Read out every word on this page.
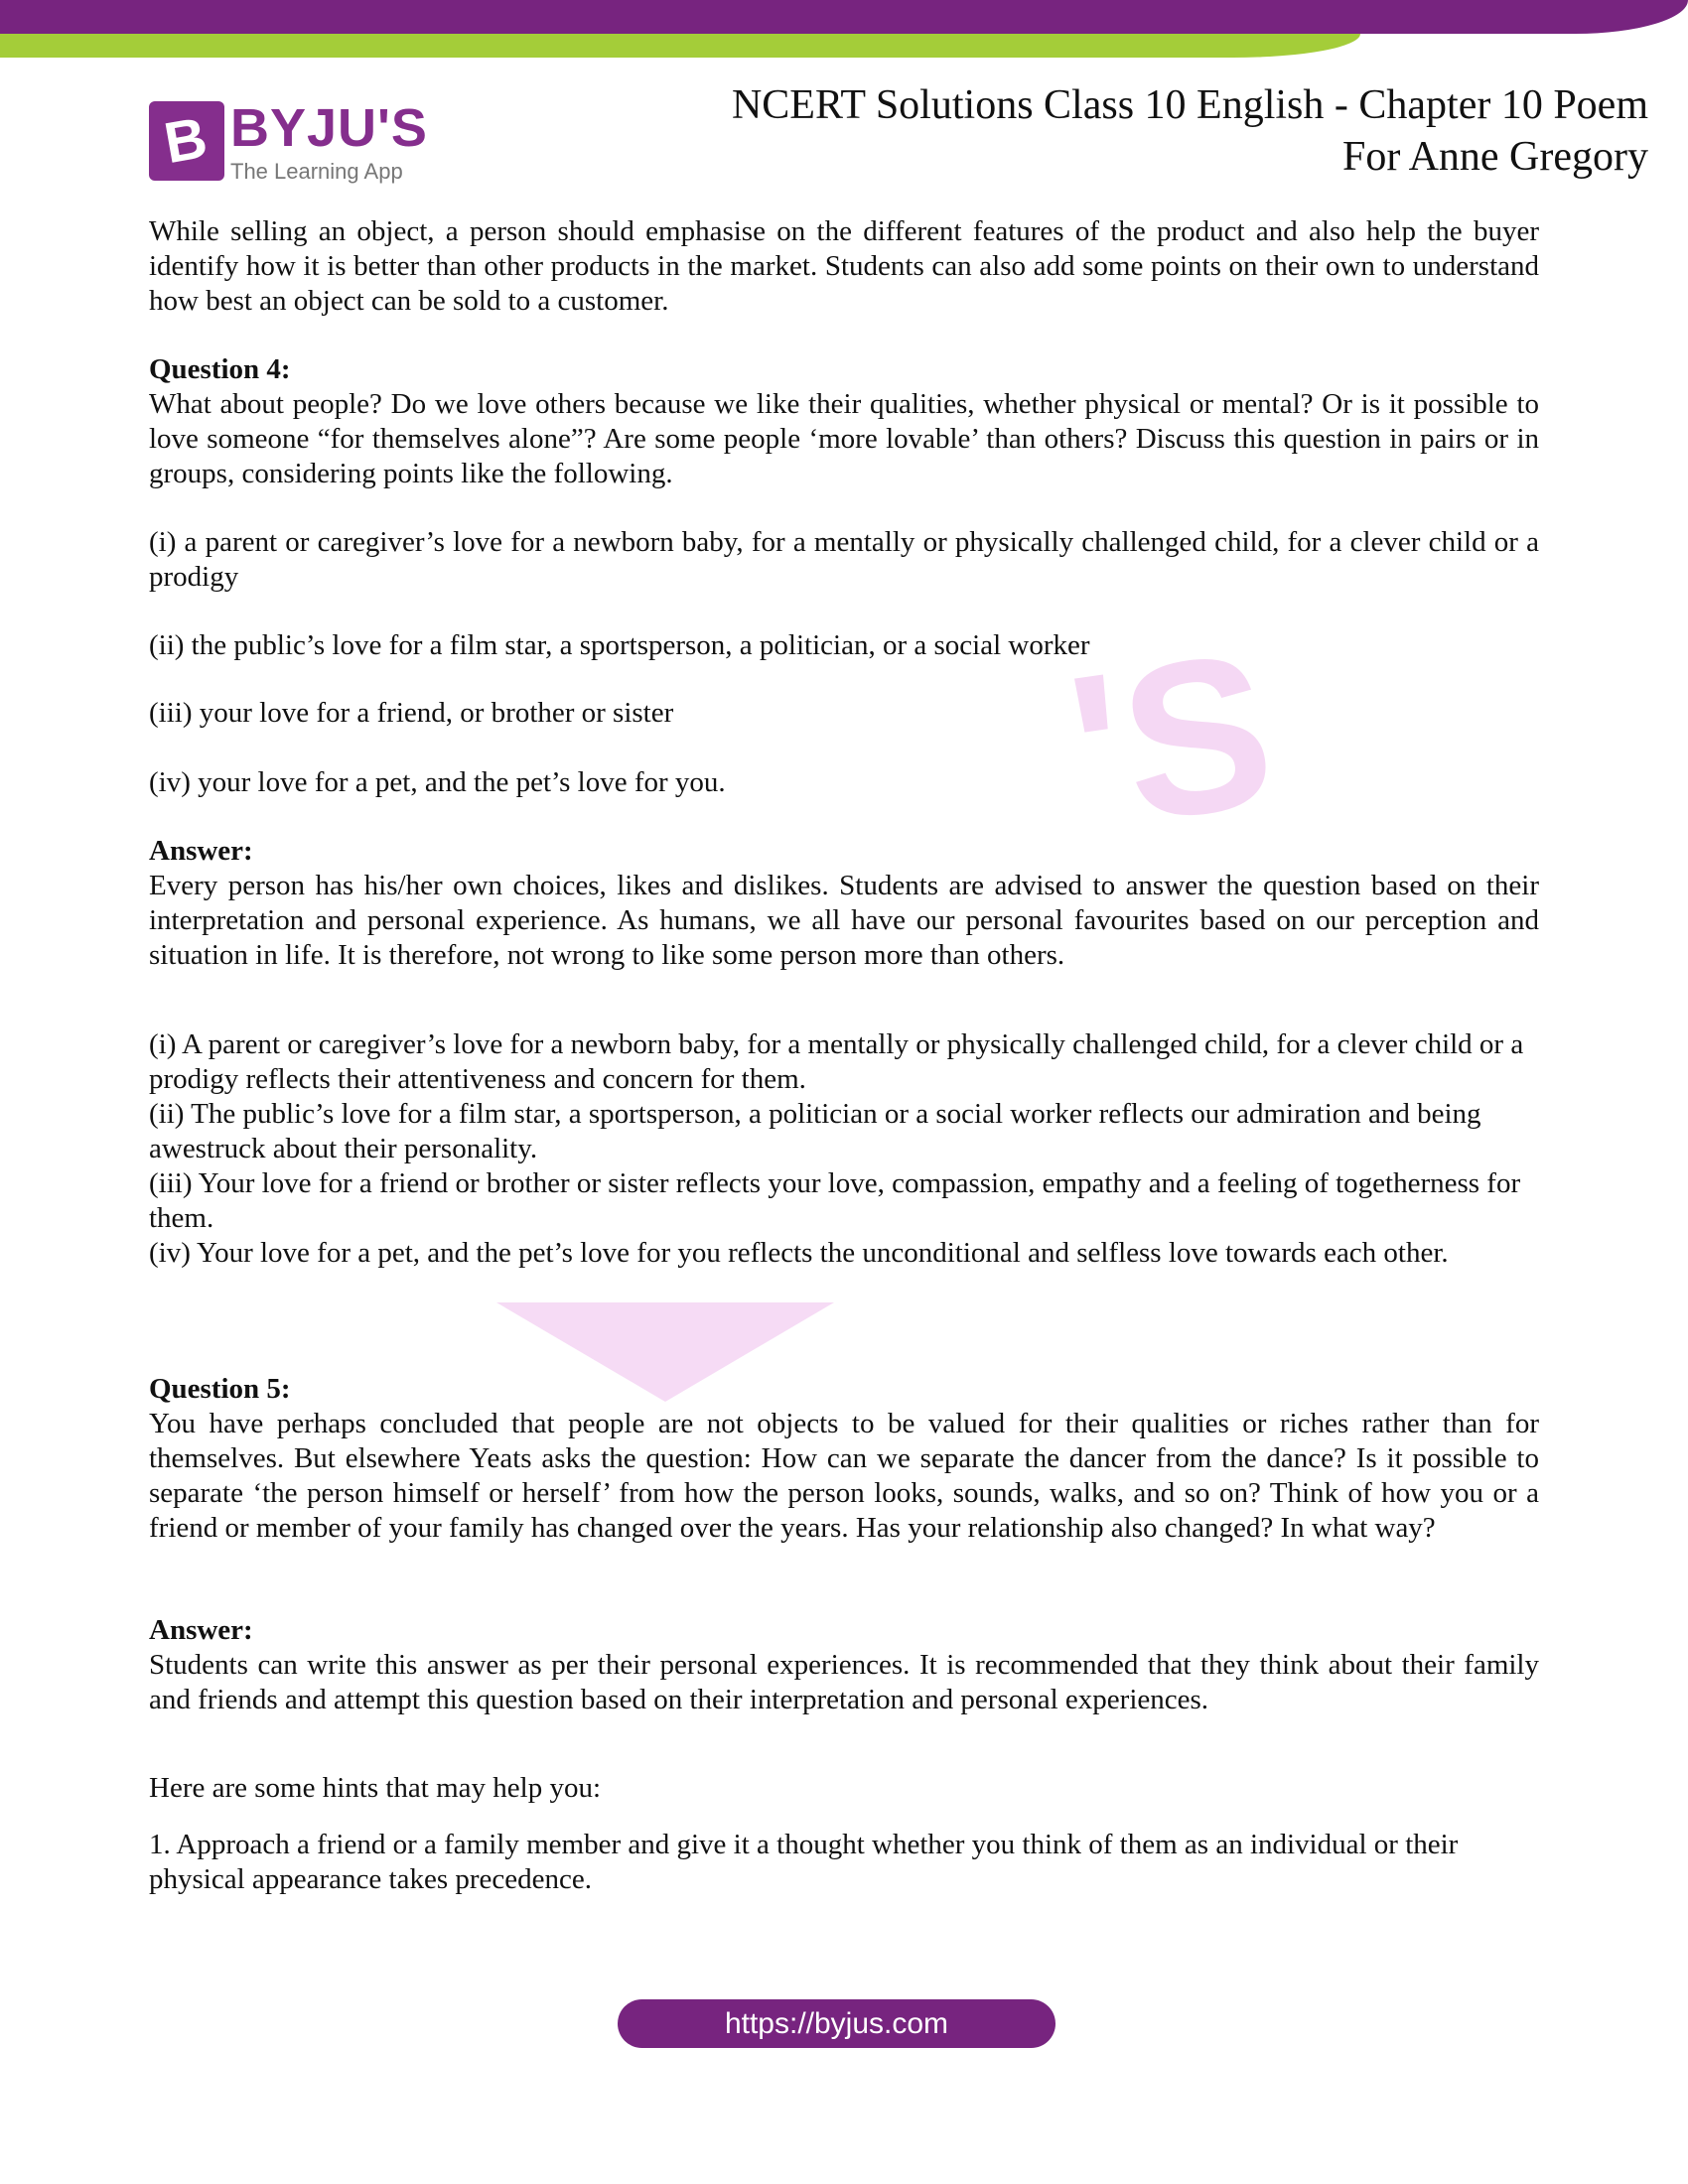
'S
B
BYJU'S
The Learning App
NCERT Solutions Class 10 English - Chapter 10 Poem
For Anne Gregory
While selling an object, a person should emphasise on the different features of the product and also help the buyer identify how it is better than other products in the market. Students can also add some points on their own to understand how best an object can be sold to a customer.
Question 4:
What about people? Do we love others because we like their qualities, whether physical or mental? Or is it possible to love someone “for themselves alone”? Are some people ‘more lovable’ than others? Discuss this question in pairs or in groups, considering points like the following.
(i) a parent or caregiver’s love for a newborn baby, for a mentally or physically challenged child, for a clever child or a prodigy
(ii) the public’s love for a film star, a sportsperson, a politician, or a social worker
(iii) your love for a friend, or brother or sister
(iv) your love for a pet, and the pet’s love for you.
Answer:
Every person has his/her own choices, likes and dislikes. Students are advised to answer the question based on their interpretation and personal experience. As humans, we all have our personal favourites based on our perception and situation in life. It is therefore, not wrong to like some person more than others.
(i) A parent or caregiver’s love for a newborn baby, for a mentally or physically challenged child, for a clever child or a prodigy reflects their attentiveness and concern for them.
(ii) The public’s love for a film star, a sportsperson, a politician or a social worker reflects our admiration and being awestruck about their personality.
(iii) Your love for a friend or brother or sister reflects your love, compassion, empathy and a feeling of togetherness for them.
(iv) Your love for a pet, and the pet’s love for you reflects the unconditional and selfless love towards each other.
Question 5:
You have perhaps concluded that people are not objects to be valued for their qualities or riches rather than for themselves. But elsewhere Yeats asks the question: How can we separate the dancer from the dance? Is it possible to separate ‘the person himself or herself’ from how the person looks, sounds, walks, and so on? Think of how you or a friend or member of your family has changed over the years. Has your relationship also changed? In what way?
Answer:
Students can write this answer as per their personal experiences. It is recommended that they think about their family and friends and attempt this question based on their interpretation and personal experiences.
Here are some hints that may help you:
1. Approach a friend or a family member and give it a thought whether you think of them as an individual or their physical appearance takes precedence.
https://byjus.com
